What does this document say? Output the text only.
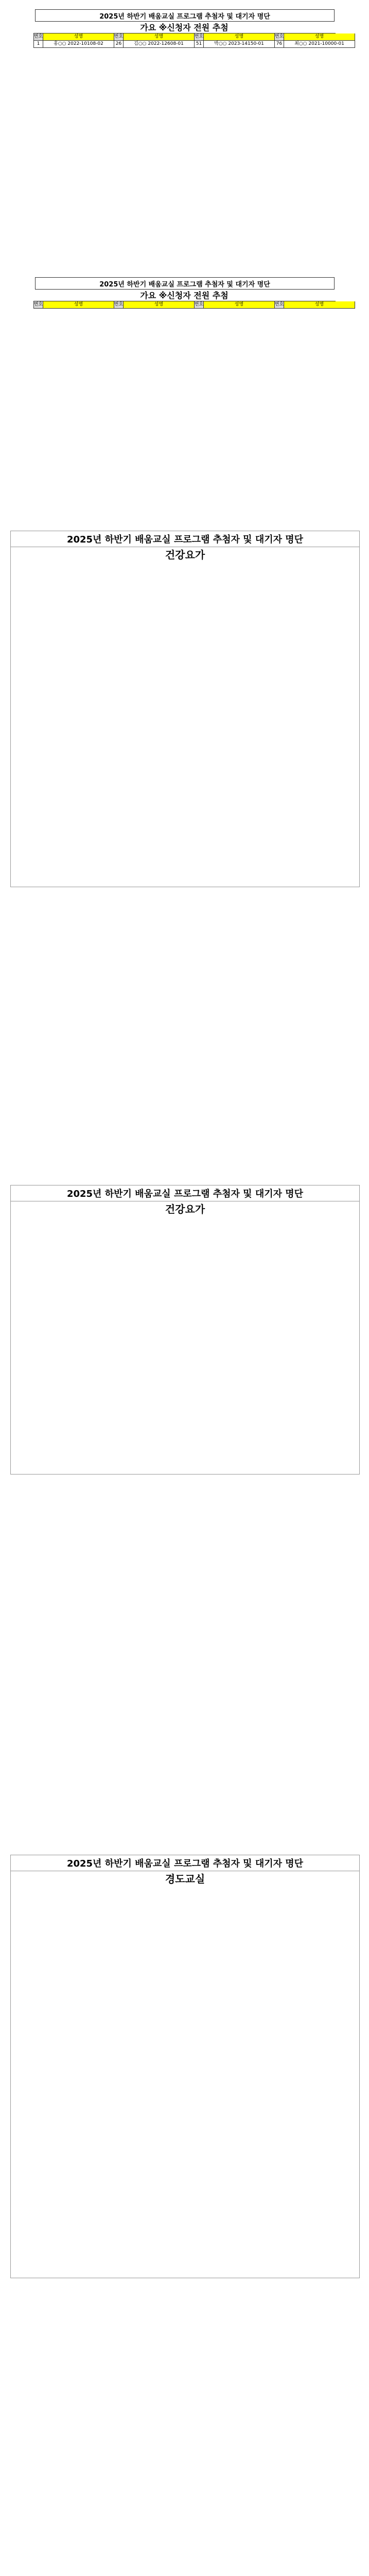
2025년 하반기 배움교실 프로그램 추첨자 및 대기자 명단
가요 ※신청자 전원 추첨
번호	성명	번호	성명	번호	성명	번호	성명
1	홍○○ 2022-10108-02	26	김○○ 2022-12608-01	51	박○○ 2023-14150-01	76	최○○ 2021-10000-01
2025년 하반기 배움교실 프로그램 추첨자 및 대기자 명단
가요 ※신청자 전원 추첨
번호	성명	번호	성명	번호	성명	번호	성명
2025년 하반기 배움교실 프로그램 추첨자 및 대기자 명단
건강요가
2025년 하반기 배움교실 프로그램 추첨자 및 대기자 명단
건강요가
2025년 하반기 배움교실 프로그램 추첨자 및 대기자 명단
경도교실
